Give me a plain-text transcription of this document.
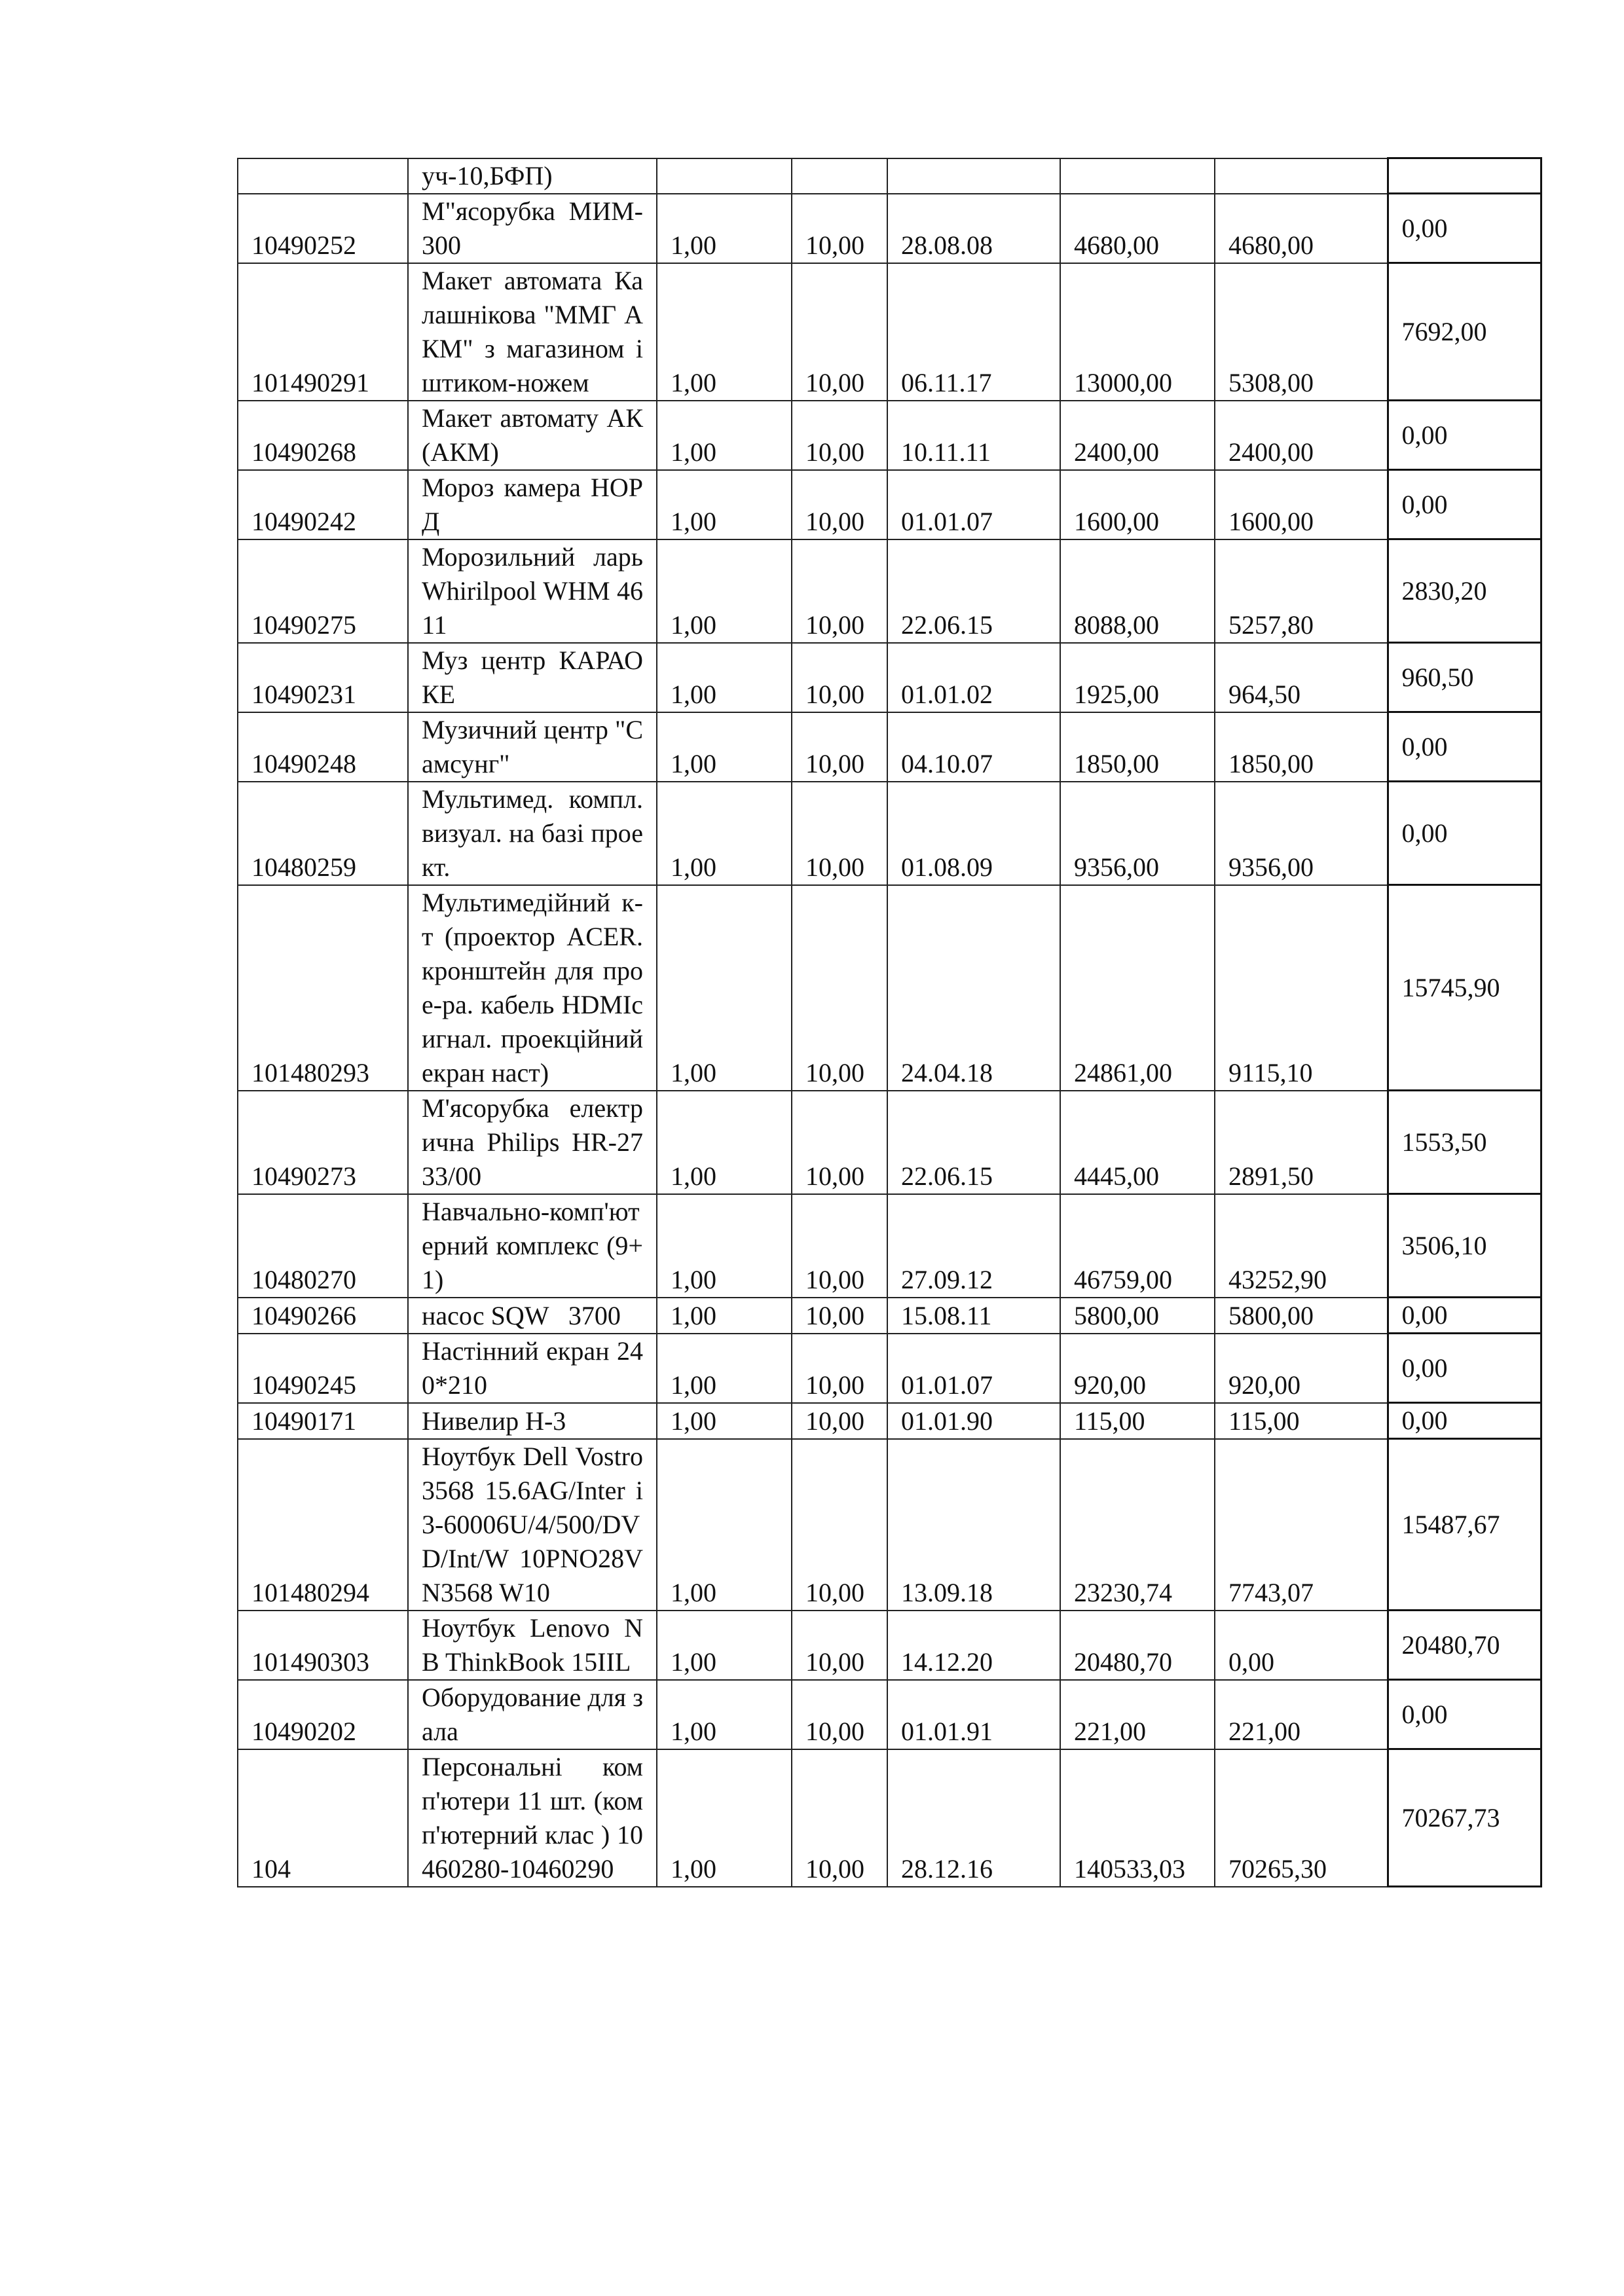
	уч-10,БФП)						
10490252	М"ясорубка МИМ-300	1,00	10,00	28.08.08	4680,00	4680,00	0,00
101490291	Макет автомата Калашнікова "ММГ АКМ" з магазином і штиком-ножем	1,00	10,00	06.11.17	13000,00	5308,00	7692,00
10490268	Макет автомату АК(АКМ)	1,00	10,00	10.11.11	2400,00	2400,00	0,00
10490242	Мороз камера НОРД	1,00	10,00	01.01.07	1600,00	1600,00	0,00
10490275	Морозильний ларьWhirilpool WHM 4611	1,00	10,00	22.06.15	8088,00	5257,80	2830,20
10490231	Муз центр КАРАОКЕ	1,00	10,00	01.01.02	1925,00	964,50	960,50
10490248	Музичний центр "Самсунг"	1,00	10,00	04.10.07	1850,00	1850,00	0,00
10480259	Мультимед. компл. визуал. на базі проект.	1,00	10,00	01.08.09	9356,00	9356,00	0,00
101480293	Мультимедійний к-т (проектор ACER.кронштейн для прое-ра. кабель HDMIсигнал. проекційний екран наст)	1,00	10,00	24.04.18	24861,00	9115,10	15745,90
10490273	М'ясорубка електрична Philips HR-2733/00	1,00	10,00	22.06.15	4445,00	2891,50	1553,50
10480270	Навчально-комп'ютерний комплекс (9+1)	1,00	10,00	27.09.12	46759,00	43252,90	3506,10
10490266	насос SQW   3700	1,00	10,00	15.08.11	5800,00	5800,00	0,00
10490245	Настінний екран 240*210	1,00	10,00	01.01.07	920,00	920,00	0,00
10490171	Нивелир Н-3	1,00	10,00	01.01.90	115,00	115,00	0,00
101480294	Ноутбук Dell Vostro3568 15.6AG/Inter i3-60006U/4/500/DVD/Int/W 10PNO28VN3568 W10	1,00	10,00	13.09.18	23230,74	7743,07	15487,67
101490303	Ноутбук Lenovo NB ThinkBook 15IIL	1,00	10,00	14.12.20	20480,70	0,00	20480,70
10490202	Оборудование для зала	1,00	10,00	01.01.91	221,00	221,00	0,00
104	Персональні комп'ютери 11 шт. (комп'ютерний клас ) 10460280-10460290	1,00	10,00	28.12.16	140533,03	70265,30	70267,73
